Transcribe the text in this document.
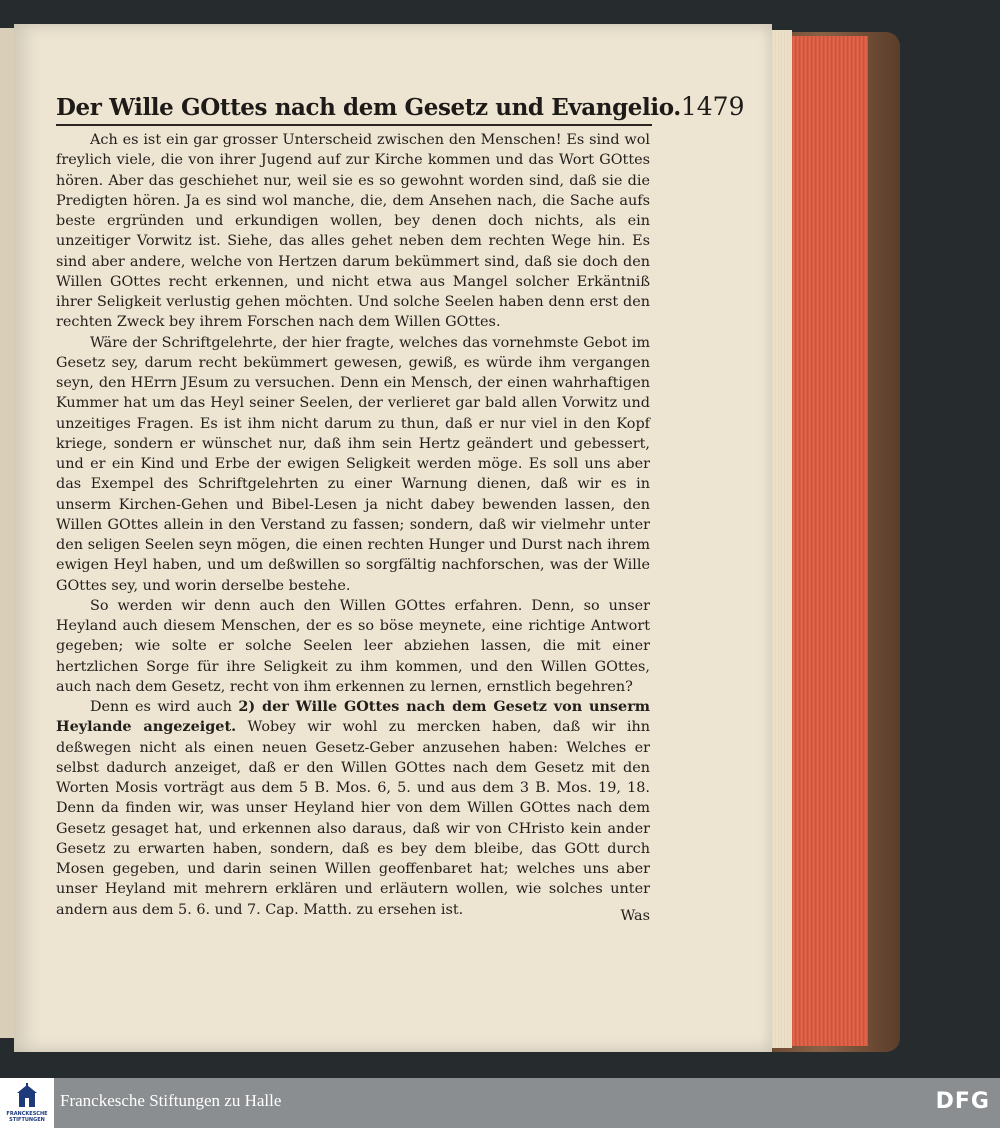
Der Wille GOttes nach dem Gesetz und Evangelio. 1479

Ach es ist ein gar grosser Unterscheid zwischen den Menschen! Es sind wol freylich viele, die von ihrer Jugend auf zur Kirche kommen und das Wort GOttes hören. Aber das geschiehet nur, weil sie es so gewohnt worden sind, daß sie die Predigten hören. Ja es sind wol manche, die, dem Ansehen nach, die Sache aufs beste ergründen und erkundigen wollen, bey denen doch nichts, als ein unzeitiger Vorwitz ist. Siehe, das alles gehet neben dem rechten Wege hin. Es sind aber andere, welche von Hertzen darum bekümmert sind, daß sie doch den Willen GOttes recht erkennen, und nicht etwa aus Mangel solcher Erkäntniß ihrer Seligkeit verlustig gehen möchten. Und solche Seelen haben denn erst den rechten Zweck bey ihrem Forschen nach dem Willen GOttes.

Wäre der Schriftgelehrte, der hier fragte, welches das vornehmste Gebot im Gesetz sey, darum recht bekümmert gewesen, gewiß, es würde ihm vergangen seyn, den HErrn JEsum zu versuchen. Denn ein Mensch, der einen wahrhaftigen Kummer hat um das Heyl seiner Seelen, der verlieret gar bald allen Vorwitz und unzeitiges Fragen. Es ist ihm nicht darum zu thun, daß er nur viel in den Kopf kriege, sondern er wünschet nur, daß ihm sein Hertz geändert und gebessert, und er ein Kind und Erbe der ewigen Seligkeit werden möge. Es soll uns aber das Exempel des Schriftgelehrten zu einer Warnung dienen, daß wir es in unserm Kirchen-Gehen und Bibel-Lesen ja nicht dabey bewenden lassen, den Willen GOttes allein in den Verstand zu fassen; sondern, daß wir vielmehr unter den seligen Seelen seyn mögen, die einen rechten Hunger und Durst nach ihrem ewigen Heyl haben, und um deßwillen so sorgfältig nachforschen, was der Wille GOttes sey, und worin derselbe bestehe.

So werden wir denn auch den Willen GOttes erfahren. Denn, so unser Heyland auch diesem Menschen, der es so böse meynete, eine richtige Antwort gegeben; wie solte er solche Seelen leer abziehen lassen, die mit einer hertzlichen Sorge für ihre Seligkeit zu ihm kommen, und den Willen GOttes, auch nach dem Gesetz, recht von ihm erkennen zu lernen, ernstlich begehren?

Denn es wird auch 2) der Wille GOttes nach dem Gesetz von unserm Heylande angezeiget. Wobey wir wohl zu mercken haben, daß wir ihn deßwegen nicht als einen neuen Gesetz-Geber anzusehen haben: Welches er selbst dadurch anzeiget, daß er den Willen GOttes nach dem Gesetz mit den Worten Mosis vorträgt aus dem 5 B. Mos. 6, 5. und aus dem 3 B. Mos. 19, 18. Denn da finden wir, was unser Heyland hier von dem Willen GOttes nach dem Gesetz gesaget hat, und erkennen also daraus, daß wir von CHristo kein ander Gesetz zu erwarten haben, sondern, daß es bey dem bleibe, das GOtt durch Mosen gegeben, und darin seinen Willen geoffenbaret hat; welches uns aber unser Heyland mit mehrern erklären und erläutern wollen, wie solches unter andern aus dem 5. 6. und 7. Cap. Matth. zu ersehen ist.	Was
FRANCKESCHE STIFTUNGEN
Franckesche Stiftungen zu Halle	DFG
